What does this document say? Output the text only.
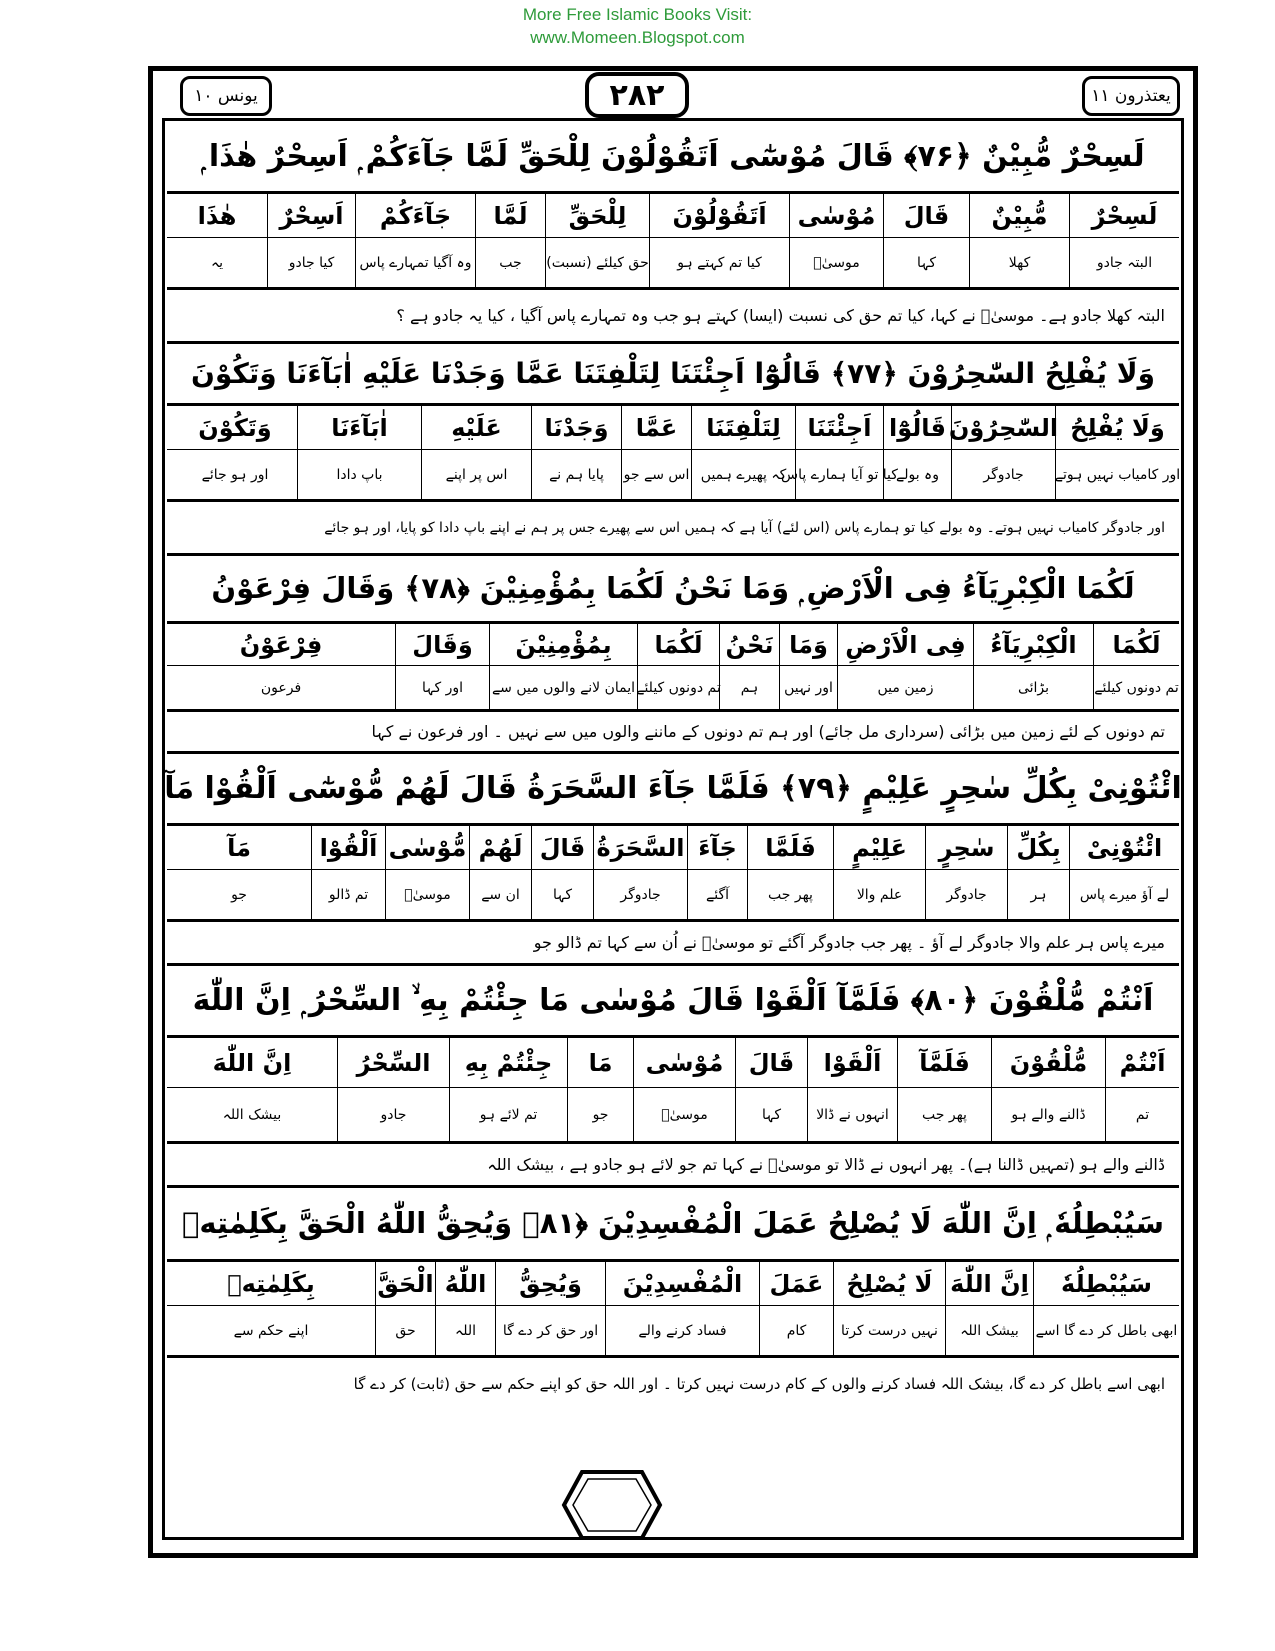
More Free Islamic Books Visit:
www.Momeen.Blogspot.com
یونس ۱۰	۲۸۲	یعتذرون ۱۱
لَسِحْرٌ مُّبِیْنٌ ﴿۷۶﴾ قَالَ مُوْسٰٓی اَتَقُوْلُوْنَ لِلْحَقِّ لَمَّا جَآءَكُمْ ۭ اَسِحْرٌ ھٰذَا ۭ
لَسِحْرٌ
مُّبِیْنٌ
قَالَ
مُوْسٰی
اَتَقُوْلُوْنَ
لِلْحَقِّ
لَمَّا
جَآءَكُمْ
اَسِحْرٌ
ھٰذَا
البتہ جادو
کھلا
کہا
موسیٰؑ
کیا تم کہتے ہو
حق کیلئے (نسبت)
جب
وہ آگیا تمہارے پاس
کیا جادو
یہ
البتہ کھلا جادو ہے۔ موسیٰؑ نے کہا، کیا تم حق کی نسبت (ایسا) کہتے ہو جب وہ تمہارے پاس آگیا ، کیا یہ جادو ہے ؟
وَلَا یُفْلِحُ السّٰحِرُوْنَ ﴿۷۷﴾ قَالُوْٓا اَجِئْتَنَا لِتَلْفِتَنَا عَمَّا وَجَدْنَا عَلَیْهِ اٰبَآءَنَا وَتَكُوْنَ
وَلَا یُفْلِحُ
السّٰحِرُوْنَ
قَالُوْٓا
اَجِئْتَنَا
لِتَلْفِتَنَا
عَمَّا
وَجَدْنَا
عَلَیْهِ
اٰبَآءَنَا
وَتَكُوْنَ
اور کامیاب نہیں ہوتے
جادوگر
وہ بولے
کیا تو آیا ہمارے پاس
کہ پھیرے ہمیں
اس سے جو
پایا ہم نے
اس پر اپنے
باپ دادا
اور ہو جائے
اور جادوگر کامیاب نہیں ہوتے۔ وہ بولے کیا تو ہمارے پاس (اس لئے) آیا ہے کہ ہمیں اس سے پھیرے جس پر ہم نے اپنے باپ دادا کو پایا، اور ہو جائے
لَكُمَا الْكِبْرِیَآءُ فِی الْاَرْضِ ۭ وَمَا نَحْنُ لَكُمَا بِمُؤْمِنِیْنَ ﴿۷۸﴾ وَقَالَ فِرْعَوْنُ
لَكُمَا
الْكِبْرِیَآءُ
فِی الْاَرْضِ
وَمَا
نَحْنُ
لَكُمَا
بِمُؤْمِنِیْنَ
وَقَالَ
فِرْعَوْنُ
تم دونوں کیلئے
بڑائی
زمین میں
اور نہیں
ہم
تم دونوں کیلئے
ایمان لانے والوں میں سے
اور کہا
فرعون
تم دونوں کے لئے زمین میں بڑائی (سرداری مل جائے) اور ہم تم دونوں کے ماننے والوں میں سے نہیں ۔ اور فرعون نے کہا
ائْتُوْنِیْ بِكُلِّ سٰحِرٍ عَلِیْمٍ ﴿۷۹﴾ فَلَمَّا جَآءَ السَّحَرَةُ قَالَ لَهُمْ مُّوْسٰٓی اَلْقُوْا مَآ
ائْتُوْنِیْ
بِكُلِّ
سٰحِرٍ
عَلِیْمٍ
فَلَمَّا
جَآءَ
السَّحَرَةُ
قَالَ
لَهُمْ
مُّوْسٰی
اَلْقُوْا
مَآ
لے آؤ میرے پاس
ہر
جادوگر
علم والا
پھر جب
آگئے
جادوگر
کہا
ان سے
موسیٰؑ
تم ڈالو
جو
میرے پاس ہر علم والا جادوگر لے آؤ ۔ پھر جب جادوگر آگئے تو موسیٰؑ نے اُن سے کہا تم ڈالو جو
اَنْتُمْ مُّلْقُوْنَ ﴿۸۰﴾ فَلَمَّآ اَلْقَوْا قَالَ مُوْسٰی مَا جِئْتُمْ بِهِ ۙ السِّحْرُ ۭ اِنَّ اللّٰهَ
اَنْتُمْ
مُّلْقُوْنَ
فَلَمَّآ
اَلْقَوْا
قَالَ
مُوْسٰی
مَا
جِئْتُمْ بِهِ
السِّحْرُ
اِنَّ اللّٰهَ
تم
ڈالنے والے ہو
پھر جب
انہوں نے ڈالا
کہا
موسیٰؑ
جو
تم لائے ہو
جادو
بیشک اللہ
ڈالنے والے ہو (تمہیں ڈالنا ہے)۔ پھر انہوں نے ڈالا تو موسیٰؑ نے کہا تم جو لائے ہو جادو ہے ، بیشک اللہ
سَیُبْطِلُهٗ ۭ اِنَّ اللّٰهَ لَا یُصْلِحُ عَمَلَ الْمُفْسِدِیْنَ ﴿۸۱﴾ وَیُحِقُّ اللّٰهُ الْحَقَّ بِكَلِمٰتِهٖ
سَیُبْطِلُهٗ
اِنَّ اللّٰهَ
لَا یُصْلِحُ
عَمَلَ
الْمُفْسِدِیْنَ
وَیُحِقُّ
اللّٰهُ
الْحَقَّ
بِكَلِمٰتِهٖ
ابھی باطل کر دے گا اسے
بیشک اللہ
نہیں درست کرتا
کام
فساد کرنے والے
اور حق کر دے گا
اللہ
حق
اپنے حکم سے
ابھی اسے باطل کر دے گا، بیشک اللہ فساد کرنے والوں کے کام درست نہیں کرتا ۔ اور اللہ حق کو اپنے حکم سے حق (ثابت) کر دے گا
